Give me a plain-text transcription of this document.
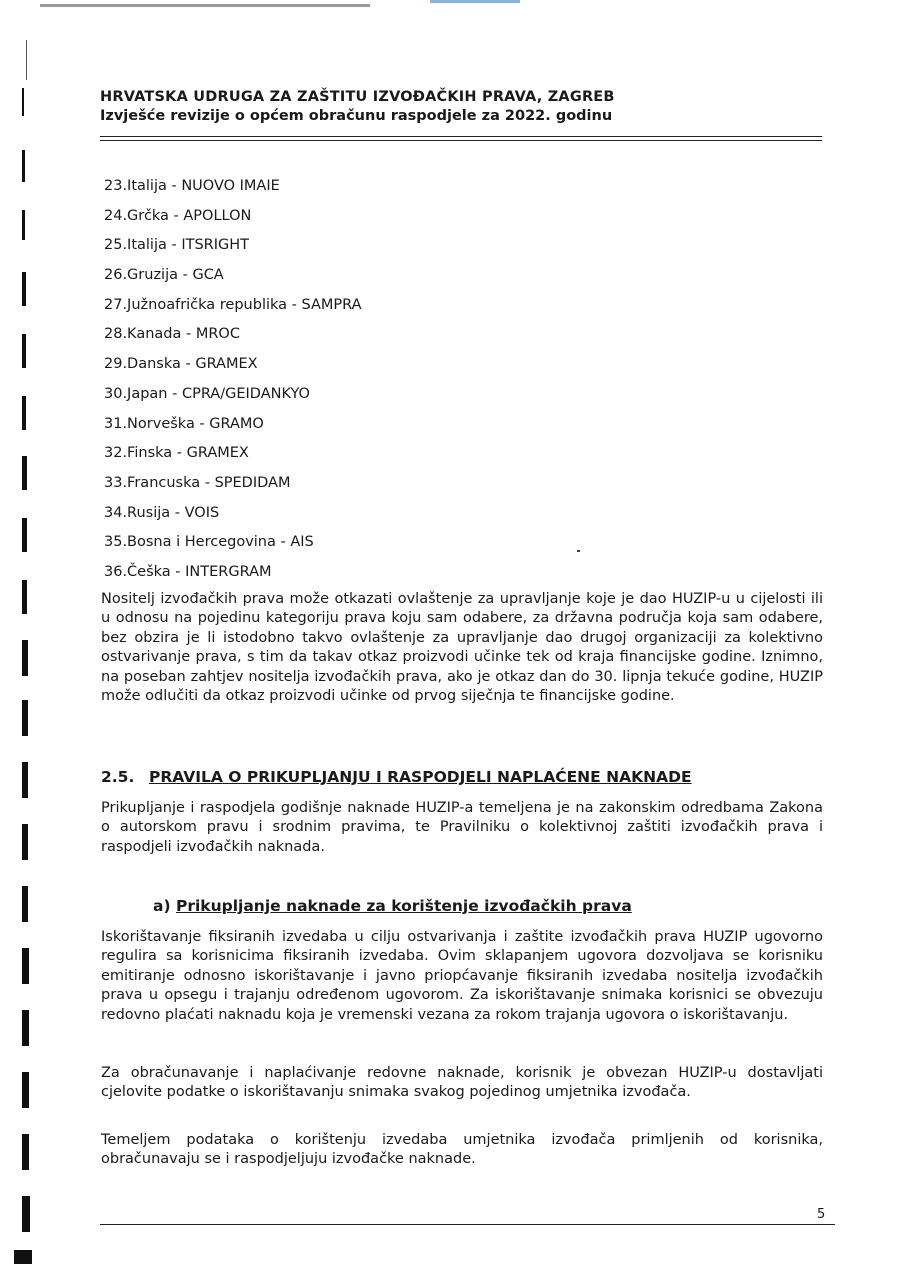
HRVATSKA UDRUGA ZA ZAŠTITU IZVOĐAČKIH PRAVA, ZAGREB
Izvješće revizije o općem obračunu raspodjele za 2022. godinu
23.Italija - NUOVO IMAIE
24.Grčka - APOLLON
25.Italija - ITSRIGHT
26.Gruzija - GCA
27.Južnoafrička republika - SAMPRA
28.Kanada - MROC
29.Danska - GRAMEX
30.Japan - CPRA/GEIDANKYO
31.Norveška - GRAMO
32.Finska - GRAMEX
33.Francuska - SPEDIDAM
34.Rusija - VOIS
35.Bosna i Hercegovina - AIS
36.Češka - INTERGRAM

Nositelj izvođačkih prava može otkazati ovlaštenje za upravljanje koje je dao HUZIP-u u cijelosti ili u odnosu na pojedinu kategoriju prava koju sam odabere, za državna područja koja sam odabere, bez obzira je li istodobno takvo ovlaštenje za upravljanje dao drugoj organizaciji za kolektivno ostvarivanje prava, s tim da takav otkaz proizvodi učinke tek od kraja financijske godine. Iznimno, na poseban zahtjev nositelja izvođačkih prava, ako je otkaz dan do 30. lipnja tekuće godine, HUZIP može odlučiti da otkaz proizvodi učinke od prvog siječnja te financijske godine.

2.5. PRAVILA O PRIKUPLJANJU I RASPODJELI NAPLAĆENE NAKNADE

Prikupljanje i raspodjela godišnje naknade HUZIP-a temeljena je na zakonskim odredbama Zakona o autorskom pravu i srodnim pravima, te Pravilniku o kolektivnoj zaštiti izvođačkih prava i raspodjeli izvođačkih naknada.

a) Prikupljanje naknade za korištenje izvođačkih prava

Iskorištavanje fiksiranih izvedaba u cilju ostvarivanja i zaštite izvođačkih prava HUZIP ugovorno regulira sa korisnicima fiksiranih izvedaba. Ovim sklapanjem ugovora dozvoljava se korisniku emitiranje odnosno iskorištavanje i javno priopćavanje fiksiranih izvedaba nositelja izvođačkih prava u opsegu i trajanju određenom ugovorom. Za iskorištavanje snimaka korisnici se obvezuju redovno plaćati naknadu koja je vremenski vezana za rokom trajanja ugovora o iskorištavanju.

Za obračunavanje i naplaćivanje redovne naknade, korisnik je obvezan HUZIP-u dostavljati cjelovite podatke o iskorištavanju snimaka svakog pojedinog umjetnika izvođača.

Temeljem podataka o korištenju izvedaba umjetnika izvođača primljenih od korisnika, obračunavaju se i raspodjeljuju izvođačke naknade.

5
